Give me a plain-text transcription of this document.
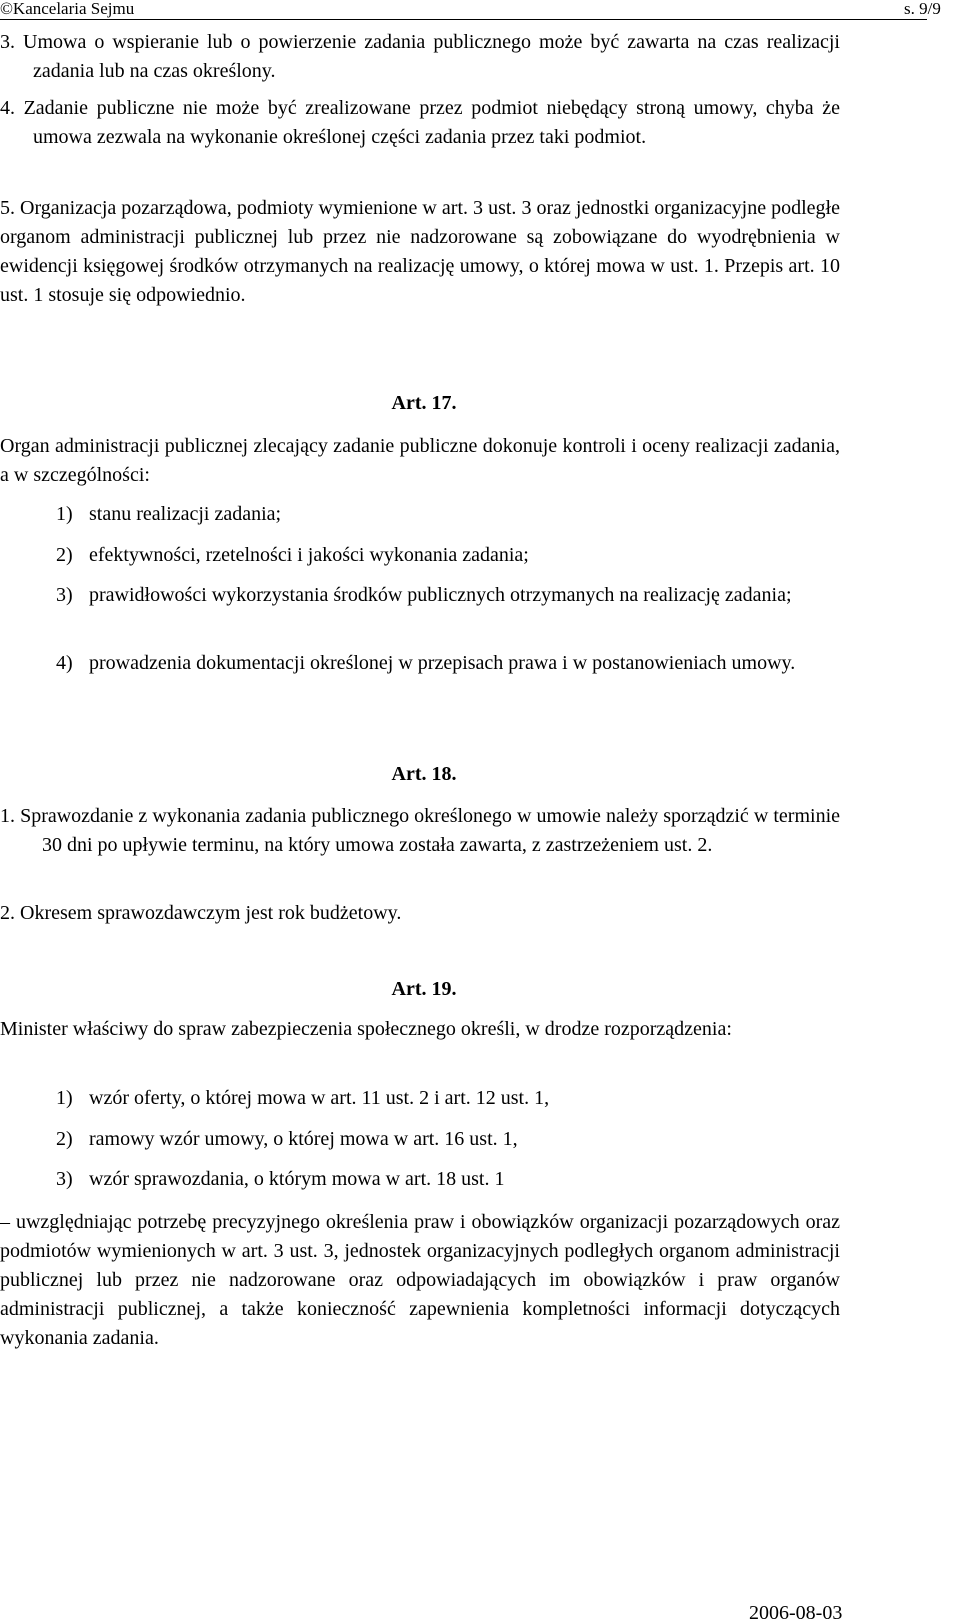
©Kancelaria Sejmu	s. 9/9

3. Umowa o wspieranie lub o powierzenie zadania publicznego może być zawarta na czas realizacji zadania lub na czas określony.

4. Zadanie publiczne nie może być zrealizowane przez podmiot niebędący stroną umowy, chyba że umowa zezwala na wykonanie określonej części zadania przez taki podmiot.

5. Organizacja pozarządowa, podmioty wymienione w art. 3 ust. 3 oraz jednostki organizacyjne podległe organom administracji publicznej lub przez nie nadzorowane są zobowiązane do wyodrębnienia w ewidencji księgowej środków otrzymanych na realizację umowy, o której mowa w ust. 1. Przepis art. 10 ust. 1 stosuje się odpowiednio.

Art. 17.

Organ administracji publicznej zlecający zadanie publiczne dokonuje kontroli i oceny realizacji zadania, a w szczególności:

1) stanu realizacji zadania;
2) efektywności, rzetelności i jakości wykonania zadania;
3) prawidłowości wykorzystania środków publicznych otrzymanych na realizację zadania;
4) prowadzenia dokumentacji określonej w przepisach prawa i w postanowieniach umowy.

Art. 18.

1. Sprawozdanie z wykonania zadania publicznego określonego w umowie należy sporządzić w terminie 30 dni po upływie terminu, na który umowa została zawarta, z zastrzeżeniem ust. 2.

2. Okresem sprawozdawczym jest rok budżetowy.

Art. 19.

Minister właściwy do spraw zabezpieczenia społecznego określi, w drodze rozporządzenia:

1) wzór oferty, o której mowa w art. 11 ust. 2 i art. 12 ust. 1,
2) ramowy wzór umowy, o której mowa w art. 16 ust. 1,
3) wzór sprawozdania, o którym mowa w art. 18 ust. 1

– uwzględniając potrzebę precyzyjnego określenia praw i obowiązków organizacji pozarządowych oraz podmiotów wymienionych w art. 3 ust. 3, jednostek organizacyjnych podległych organom administracji publicznej lub przez nie nadzorowane oraz odpowiadających im obowiązków i praw organów administracji publicznej, a także konieczność zapewnienia kompletności informacji dotyczących wykonania zadania.

2006-08-03
